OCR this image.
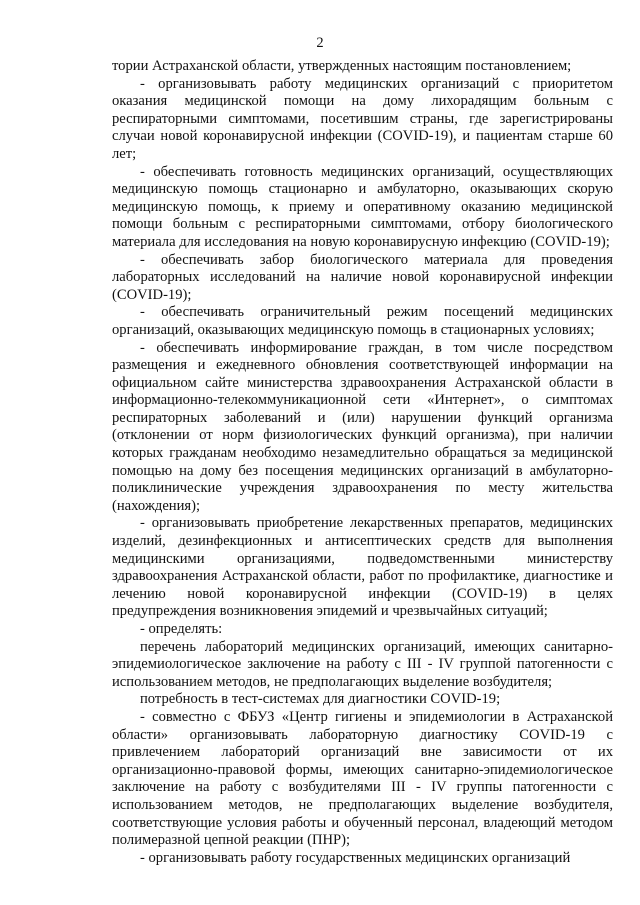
2

тории Астраханской области, утвержденных настоящим постановлением;

- организовывать работу медицинских организаций с приоритетом оказания медицинской помощи на дому лихорадящим больным с респираторными симптомами, посетившим страны, где зарегистрированы случаи новой коронавирусной инфекции (COVID-19), и пациентам старше 60 лет;

- обеспечивать готовность медицинских организаций, осуществляющих медицинскую помощь стационарно и амбулаторно, оказывающих скорую медицинскую помощь, к приему и оперативному оказанию медицинской помощи больным с респираторными симптомами, отбору биологического материала для исследования на новую коронавирусную инфекцию (COVID-19);

- обеспечивать забор биологического материала для проведения лабораторных исследований на наличие новой коронавирусной инфекции (COVID-19);

- обеспечивать ограничительный режим посещений медицинских организаций, оказывающих медицинскую помощь в стационарных условиях;

- обеспечивать информирование граждан, в том числе посредством размещения и ежедневного обновления соответствующей информации на официальном сайте министерства здравоохранения Астраханской области в информационно-телекоммуникационной сети «Интернет», о симптомах респираторных заболеваний и (или) нарушении функций организма (отклонении от норм физиологических функций организма), при наличии которых гражданам необходимо незамедлительно обращаться за медицинской помощью на дому без посещения медицинских организаций в амбулаторно-поликлинические учреждения здравоохранения по месту жительства (нахождения);

- организовывать приобретение лекарственных препаратов, медицинских изделий, дезинфекционных и антисептических средств для выполнения медицинскими организациями, подведомственными министерству здравоохранения Астраханской области, работ по профилактике, диагностике и лечению новой коронавирусной инфекции (COVID-19) в целях предупреждения возникновения эпидемий и чрезвычайных ситуаций;

- определять:

перечень лабораторий медицинских организаций, имеющих санитарно-эпидемиологическое заключение на работу с III - IV группой патогенности с использованием методов, не предполагающих выделение возбудителя;

потребность в тест-системах для диагностики COVID-19;

- совместно с ФБУЗ «Центр гигиены и эпидемиологии в Астраханской области» организовывать лабораторную диагностику COVID-19 с привлечением лабораторий организаций вне зависимости от их организационно-правовой формы, имеющих санитарно-эпидемиологическое заключение на работу с возбудителями III - IV группы патогенности с использованием методов, не предполагающих выделение возбудителя, соответствующие условия работы и обученный персонал, владеющий методом полимеразной цепной реакции (ПНР);

- организовывать работу государственных медицинских организаций
